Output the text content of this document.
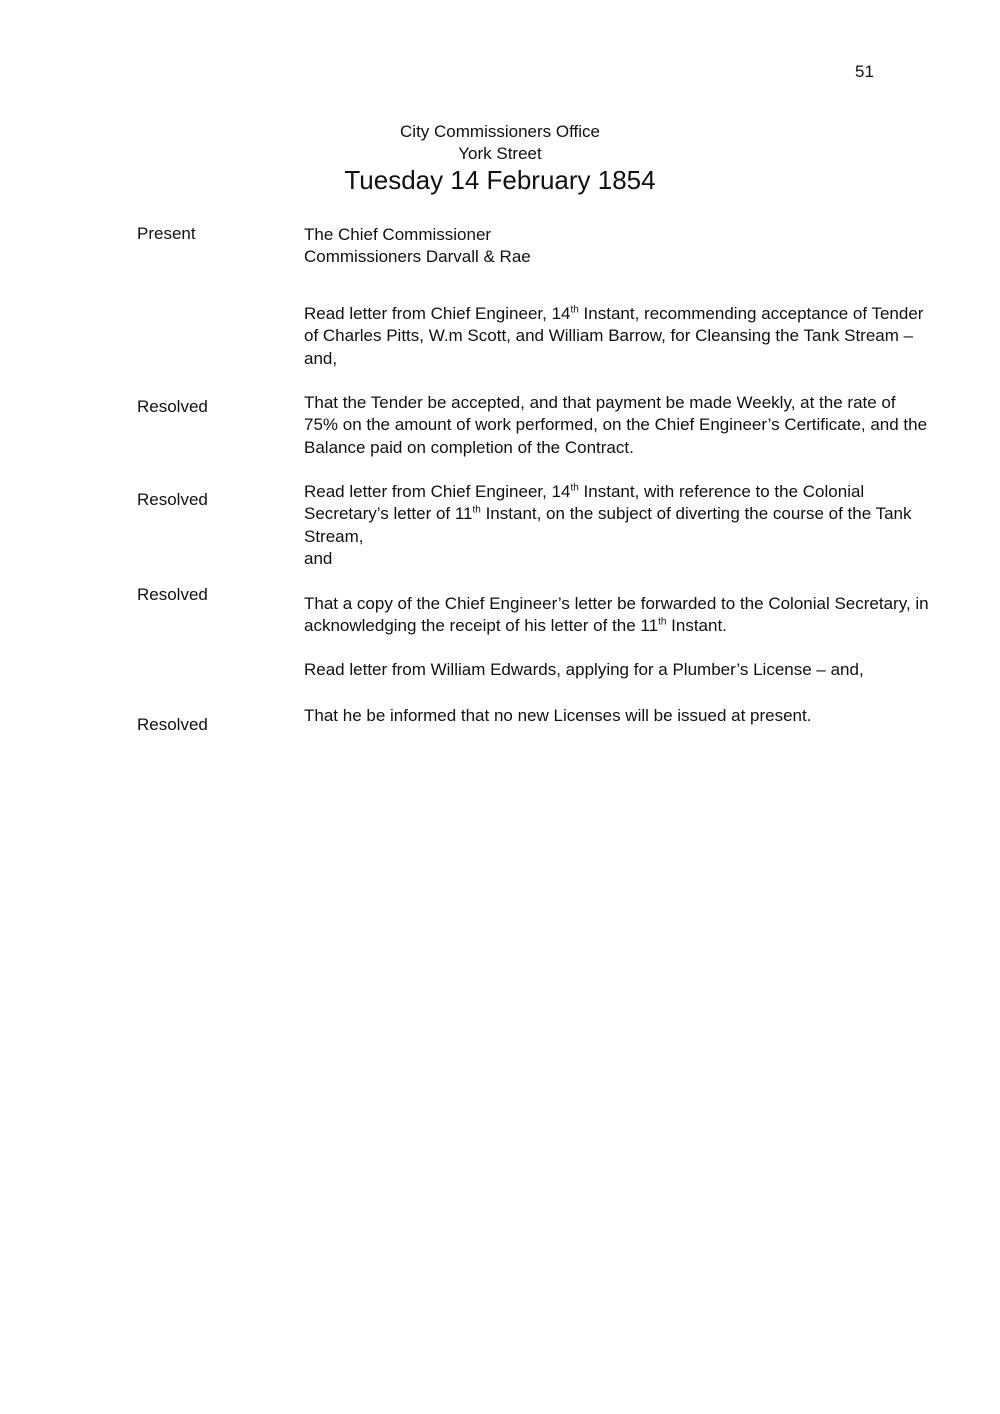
51
City Commissioners Office
York Street
Tuesday 14 February 1854
Present	The Chief Commissioner
Commissioners Darvall & Rae
Read letter from Chief Engineer, 14th Instant, recommending acceptance of Tender of Charles Pitts, W.m Scott, and William Barrow, for Cleansing the Tank Stream – and,
Resolved	That the Tender be accepted, and that payment be made Weekly, at the rate of 75% on the amount of work performed, on the Chief Engineer’s Certificate, and the Balance paid on completion of the Contract.
Resolved	Read letter from Chief Engineer, 14th Instant, with reference to the Colonial Secretary’s letter of 11th Instant, on the subject of diverting the course of the Tank Stream,
and
Resolved	That a copy of the Chief Engineer’s letter be forwarded to the Colonial Secretary, in acknowledging the receipt of his letter of the 11th Instant.
Read letter from William Edwards, applying for a Plumber’s License – and,
Resolved	That he be informed that no new Licenses will be issued at present.
